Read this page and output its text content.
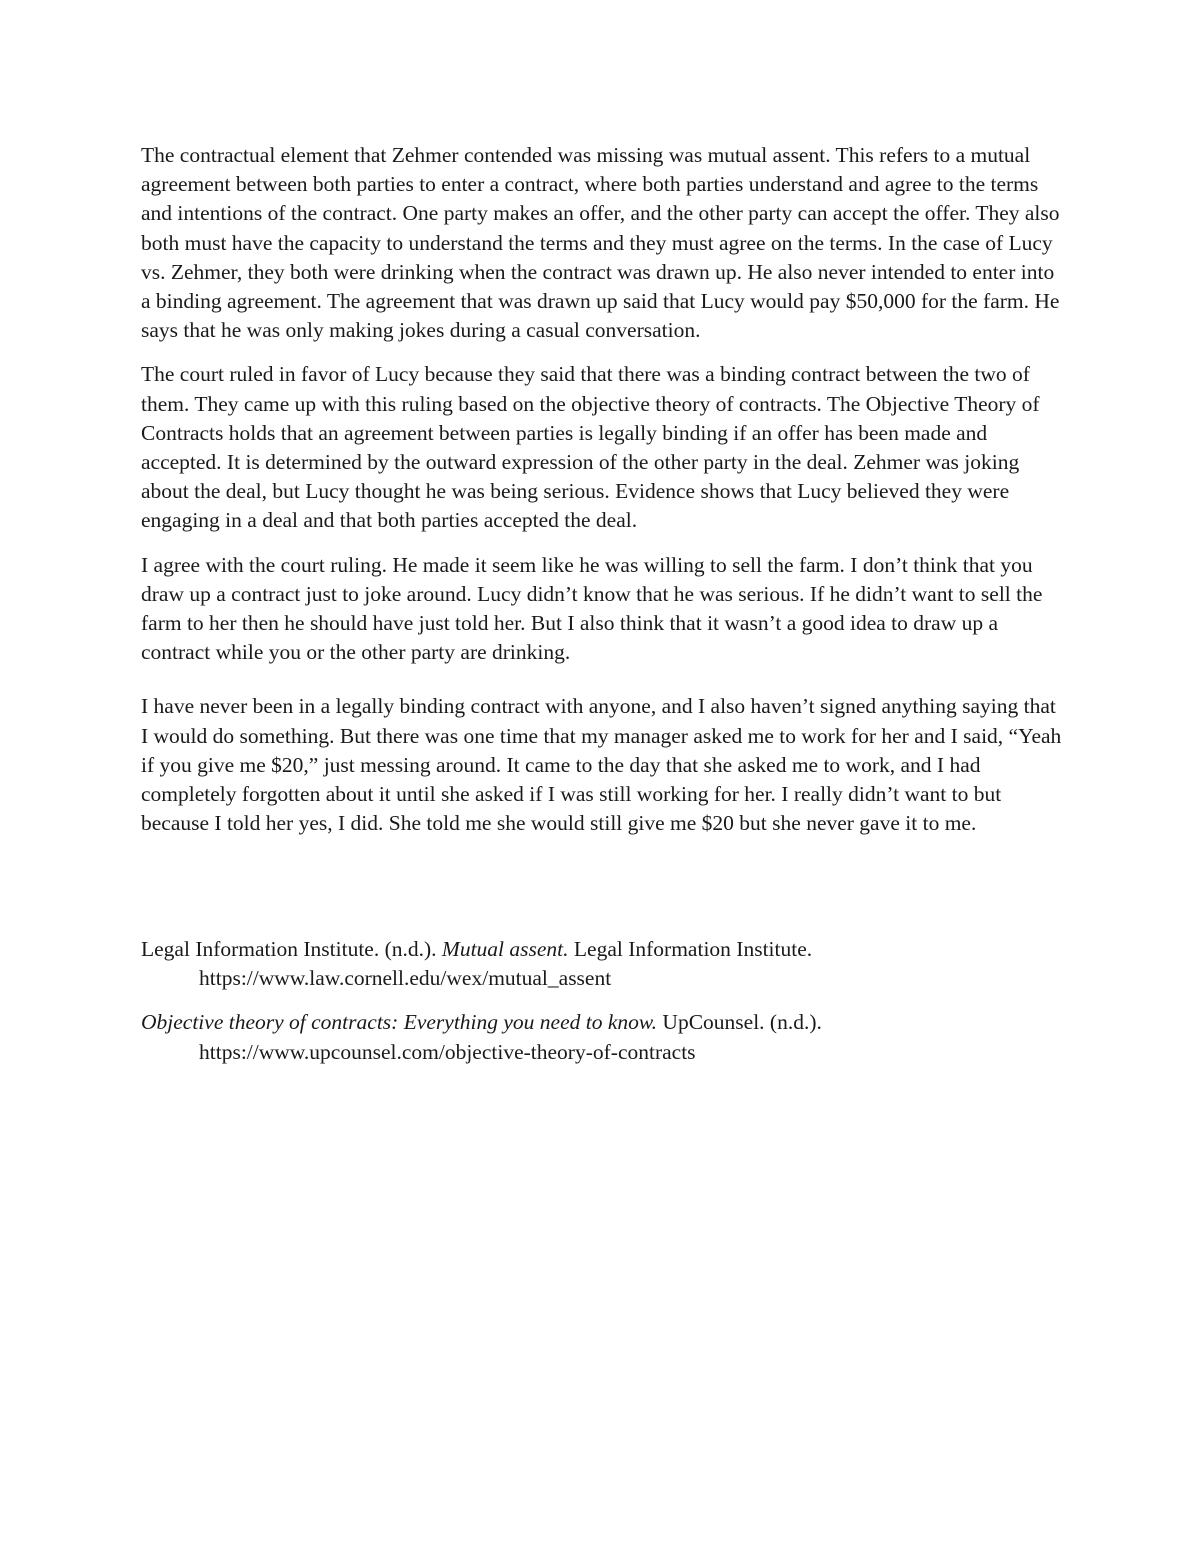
The contractual element that Zehmer contended was missing was mutual assent. This refers to a mutual agreement between both parties to enter a contract, where both parties understand and agree to the terms and intentions of the contract. One party makes an offer, and the other party can accept the offer. They also both must have the capacity to understand the terms and they must agree on the terms. In the case of Lucy vs. Zehmer, they both were drinking when the contract was drawn up. He also never intended to enter into a binding agreement. The agreement that was drawn up said that Lucy would pay $50,000 for the farm. He says that he was only making jokes during a casual conversation.

The court ruled in favor of Lucy because they said that there was a binding contract between the two of them. They came up with this ruling based on the objective theory of contracts. The Objective Theory of Contracts holds that an agreement between parties is legally binding if an offer has been made and accepted. It is determined by the outward expression of the other party in the deal. Zehmer was joking about the deal, but Lucy thought he was being serious. Evidence shows that Lucy believed they were engaging in a deal and that both parties accepted the deal.

I agree with the court ruling. He made it seem like he was willing to sell the farm. I don’t think that you draw up a contract just to joke around. Lucy didn’t know that he was serious. If he didn’t want to sell the farm to her then he should have just told her. But I also think that it wasn’t a good idea to draw up a contract while you or the other party are drinking.

I have never been in a legally binding contract with anyone, and I also haven’t signed anything saying that I would do something. But there was one time that my manager asked me to work for her and I said, “Yeah if you give me $20,” just messing around. It came to the day that she asked me to work, and I had completely forgotten about it until she asked if I was still working for her. I really didn’t want to but because I told her yes, I did. She told me she would still give me $20 but she never gave it to me.

Legal Information Institute. (n.d.). Mutual assent. Legal Information Institute.
https://www.law.cornell.edu/wex/mutual_assent

Objective theory of contracts: Everything you need to know. UpCounsel. (n.d.).
https://www.upcounsel.com/objective-theory-of-contracts
